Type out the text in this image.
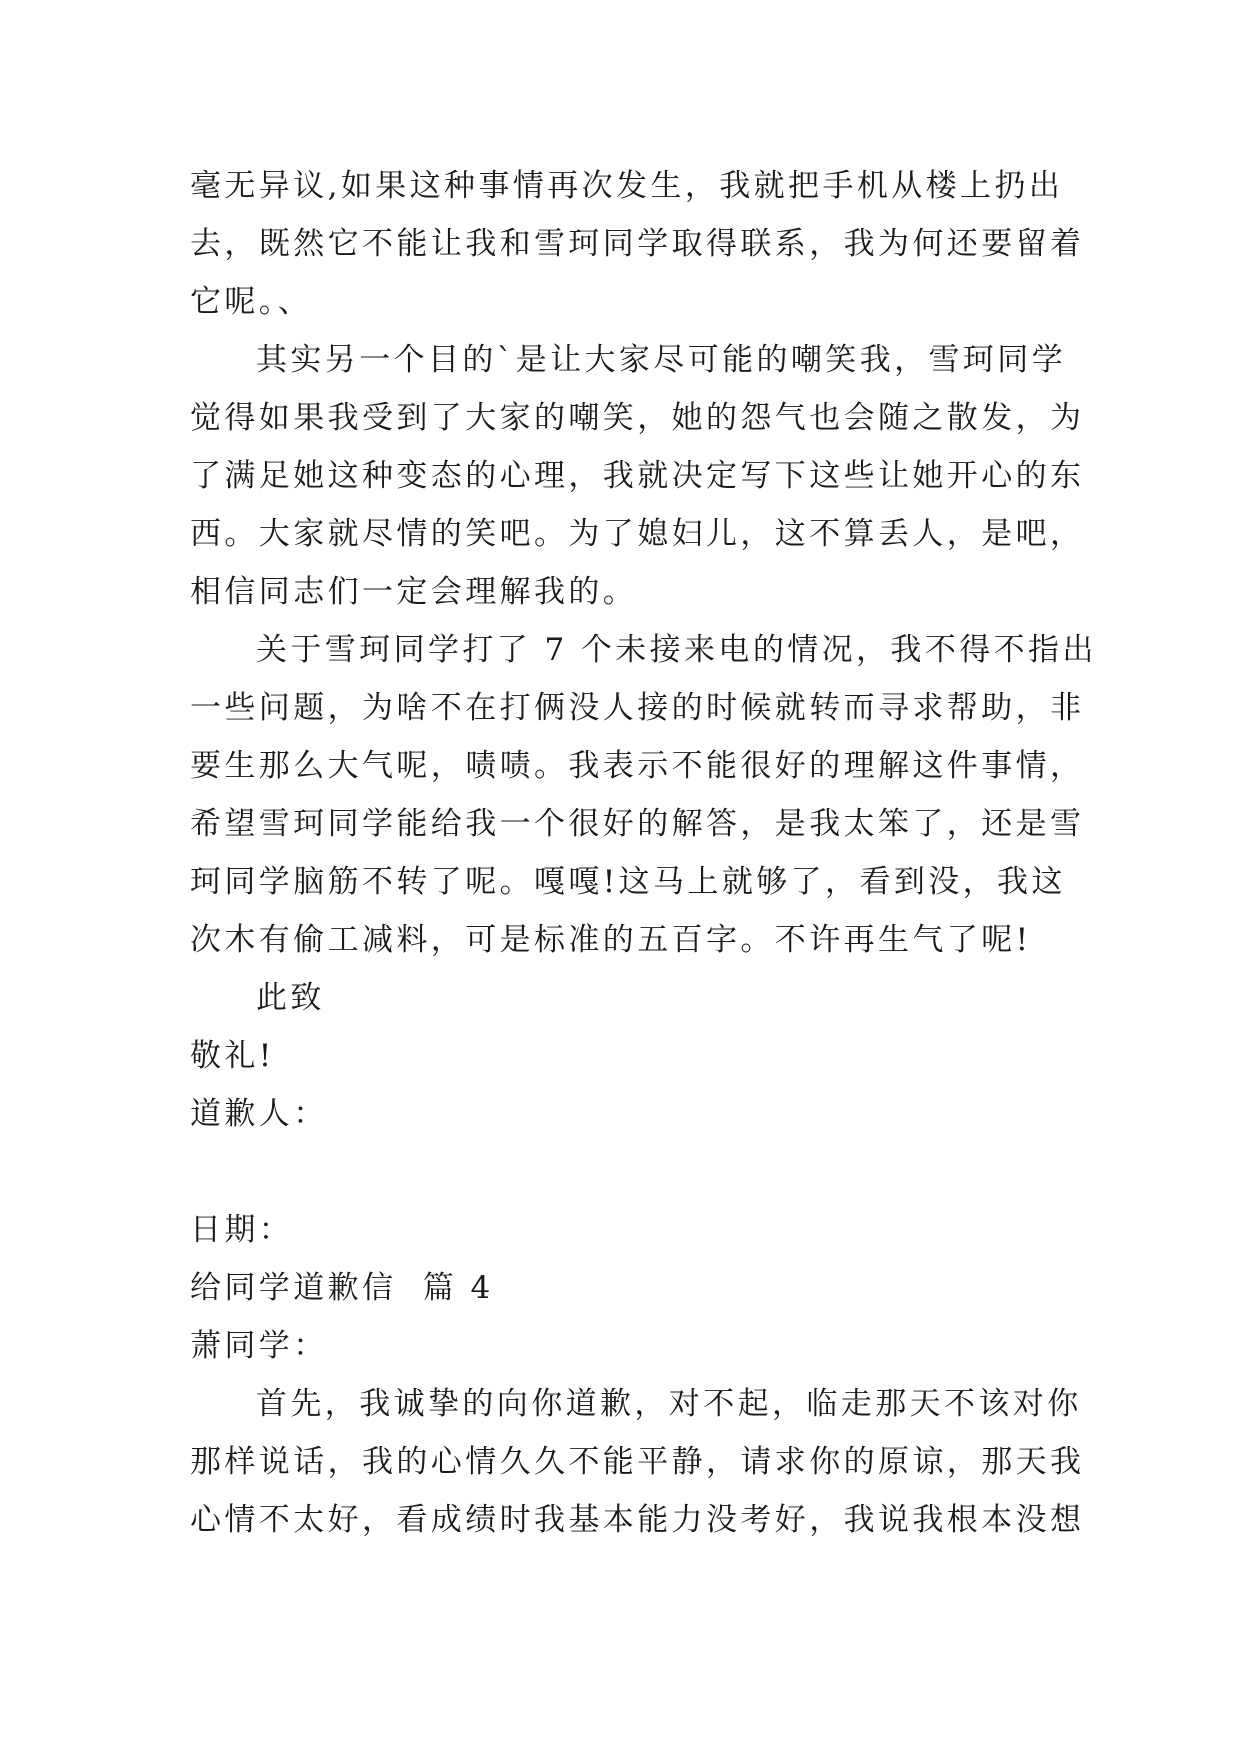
毫无异议,如果这种事情再次发生，我就把手机从楼上扔出
去，既然它不能让我和雪珂同学取得联系，我为何还要留着
它呢。、
其实另一个目的`是让大家尽可能的嘲笑我，雪珂同学
觉得如果我受到了大家的嘲笑，她的怨气也会随之散发，为
了满足她这种变态的心理，我就决定写下这些让她开心的东
西。大家就尽情的笑吧。为了媳妇儿，这不算丢人，是吧，
相信同志们一定会理解我的。
关于雪珂同学打了 7 个未接来电的情况，我不得不指出
一些问题，为啥不在打俩没人接的时候就转而寻求帮助，非
要生那么大气呢，啧啧。我表示不能很好的理解这件事情，
希望雪珂同学能给我一个很好的解答，是我太笨了，还是雪
珂同学脑筋不转了呢。嘎嘎!这马上就够了，看到没，我这
次木有偷工减料，可是标准的五百字。不许再生气了呢!
此致
敬礼!
道歉人：
日期：
给同学道歉信  篇 4
萧同学：
首先，我诚挚的向你道歉，对不起，临走那天不该对你
那样说话，我的心情久久不能平静，请求你的原谅，那天我
心情不太好，看成绩时我基本能力没考好，我说我根本没想
